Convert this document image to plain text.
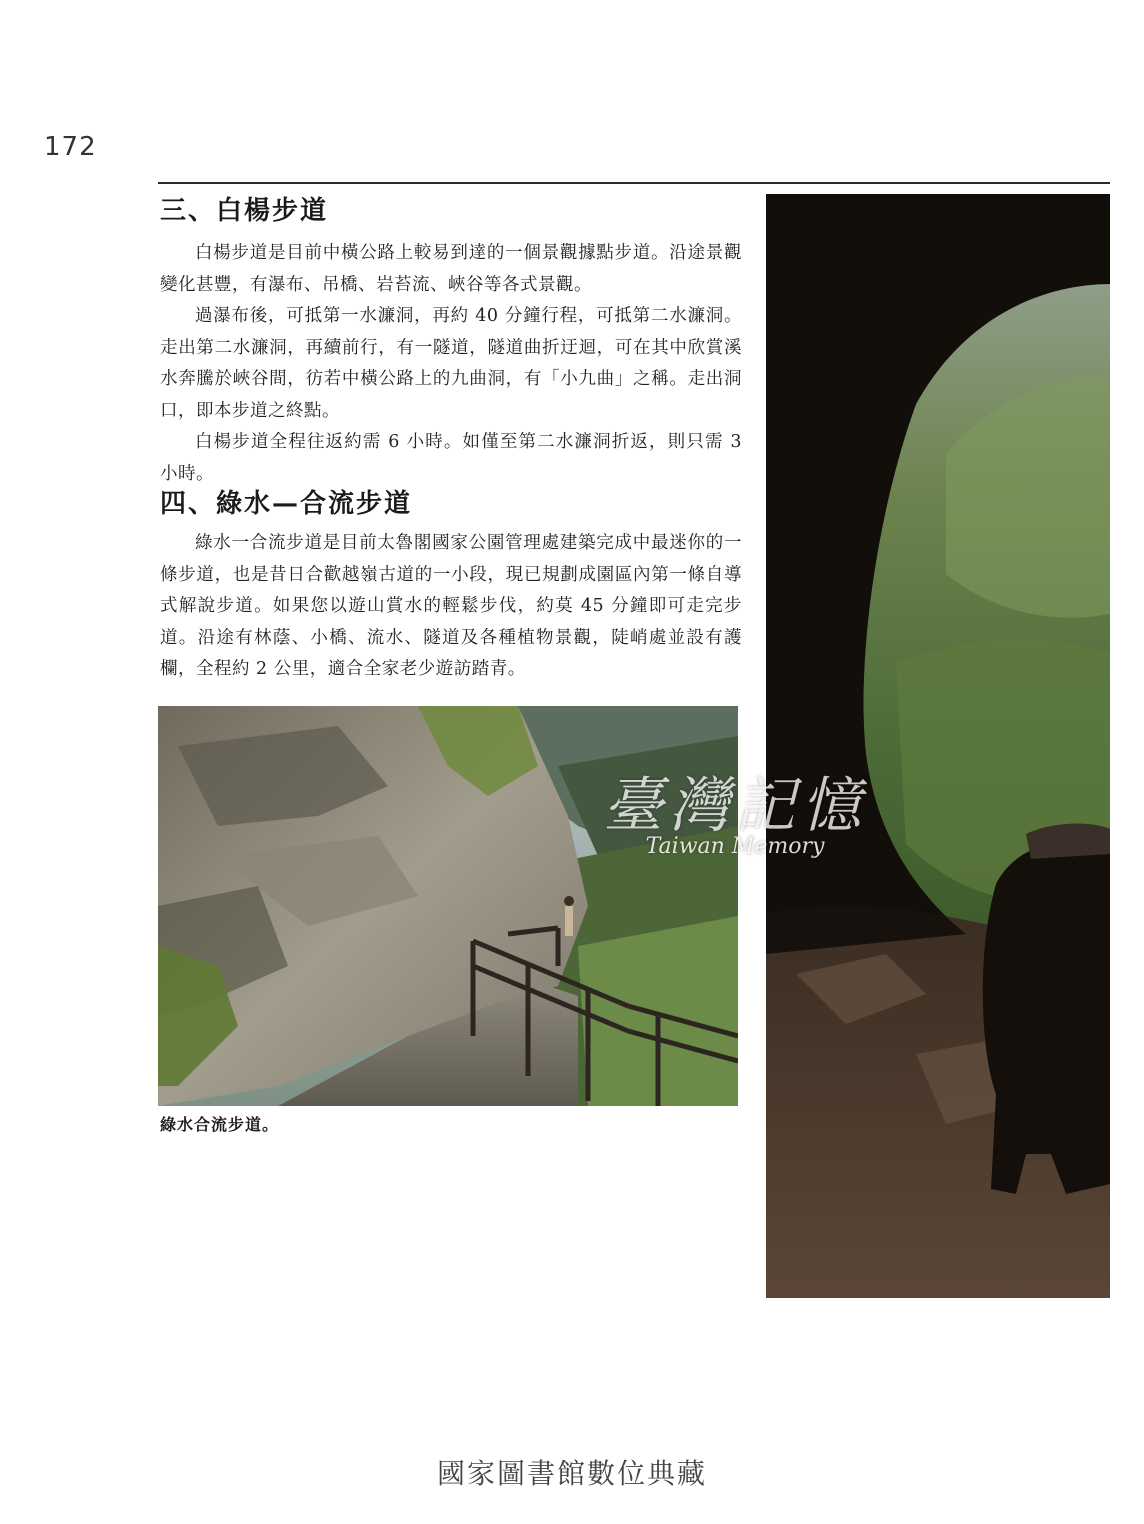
172
三、白楊步道

白楊步道是目前中橫公路上較易到達的一個景觀據點步道。沿途景觀變化甚豐，有瀑布、吊橋、岩苔流、峽谷等各式景觀。

過瀑布後，可抵第一水濂洞，再約 40 分鐘行程，可抵第二水濂洞。走出第二水濂洞，再續前行，有一隧道，隧道曲折迂迴，可在其中欣賞溪水奔騰於峽谷間，彷若中橫公路上的九曲洞，有「小九曲」之稱。走出洞口，即本步道之終點。

白楊步道全程往返約需 6 小時。如僅至第二水濂洞折返，則只需 3 小時。

四、綠水—合流步道

綠水一合流步道是目前太魯閣國家公園管理處建築完成中最迷你的一條步道，也是昔日合歡越嶺古道的一小段，現已規劃成園區內第一條自導式解說步道。如果您以遊山賞水的輕鬆步伐，約莫 45 分鐘即可走完步道。沿途有林蔭、小橋、流水、隧道及各種植物景觀，陡峭處並設有護欄，全程約 2 公里，適合全家老少遊訪踏青。

綠水合流步道。

臺灣記憶
Taiwan Memory

國家圖書館數位典藏
